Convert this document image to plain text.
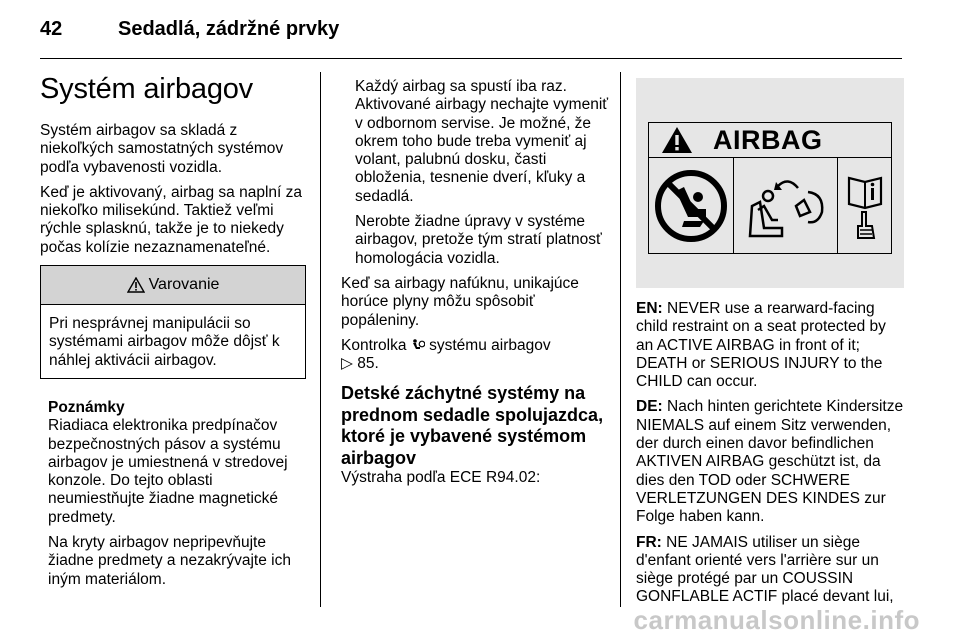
42	Sedadlá, zádržné prvky
Systém airbagov

Systém airbagov sa skladá z niekoľkých samostatných systémov podľa vybavenosti vozidla.

Keď je aktivovaný, airbag sa naplní za niekoľko milisekúnd. Taktiež veľmi rýchle splasknú, takže je to niekedy počas kolízie nezaznamenateľné.

Varovanie
Pri nesprávnej manipulácii so systémami airbagov môže dôjsť k náhlej aktivácii airbagov.
Poznámky

Riadiaca elektronika predpínačov bezpečnostných pásov a systému airbagov je umiestnená v stredovej konzole. Do tejto oblasti neumiestňujte žiadne magnetické predmety.

Na kryty airbagov nepripevňujte žiadne predmety a nezakrývajte ich iným materiálom.

Každý airbag sa spustí iba raz. Aktivované airbagy nechajte vymeniť v odbornom servise. Je možné, že okrem toho bude treba vymeniť aj volant, palubnú dosku, časti obloženia, tesnenie dverí, kľuky a sedadlá.

Nerobte žiadne úpravy v systéme airbagov, pretože tým stratí platnosť homologácia vozidla.

Keď sa airbagy nafúknu, unikajúce horúce plyny môžu spôsobiť popáleniny.

Kontrolka systému airbagov
▷ 85.

Detské záchytné systémy na prednom sedadle spolujazdca, ktoré je vybavené systémom airbagov

Výstraha podľa ECE R94.02:

AIRBAG

EN: NEVER use a rearward-facing child restraint on a seat protected by an ACTIVE AIRBAG in front of it; DEATH or SERIOUS INJURY to the CHILD can occur.

DE: Nach hinten gerichtete Kindersitze NIEMALS auf einem Sitz verwenden, der durch einen davor befindlichen AKTIVEN AIRBAG geschützt ist, da dies den TOD oder SCHWERE VERLETZUNGEN DES KINDES zur Folge haben kann.

FR: NE JAMAIS utiliser un siège d'enfant orienté vers l'arrière sur un siège protégé par un COUSSIN GONFLABLE ACTIF placé devant lui,

carmanualsonline.info
